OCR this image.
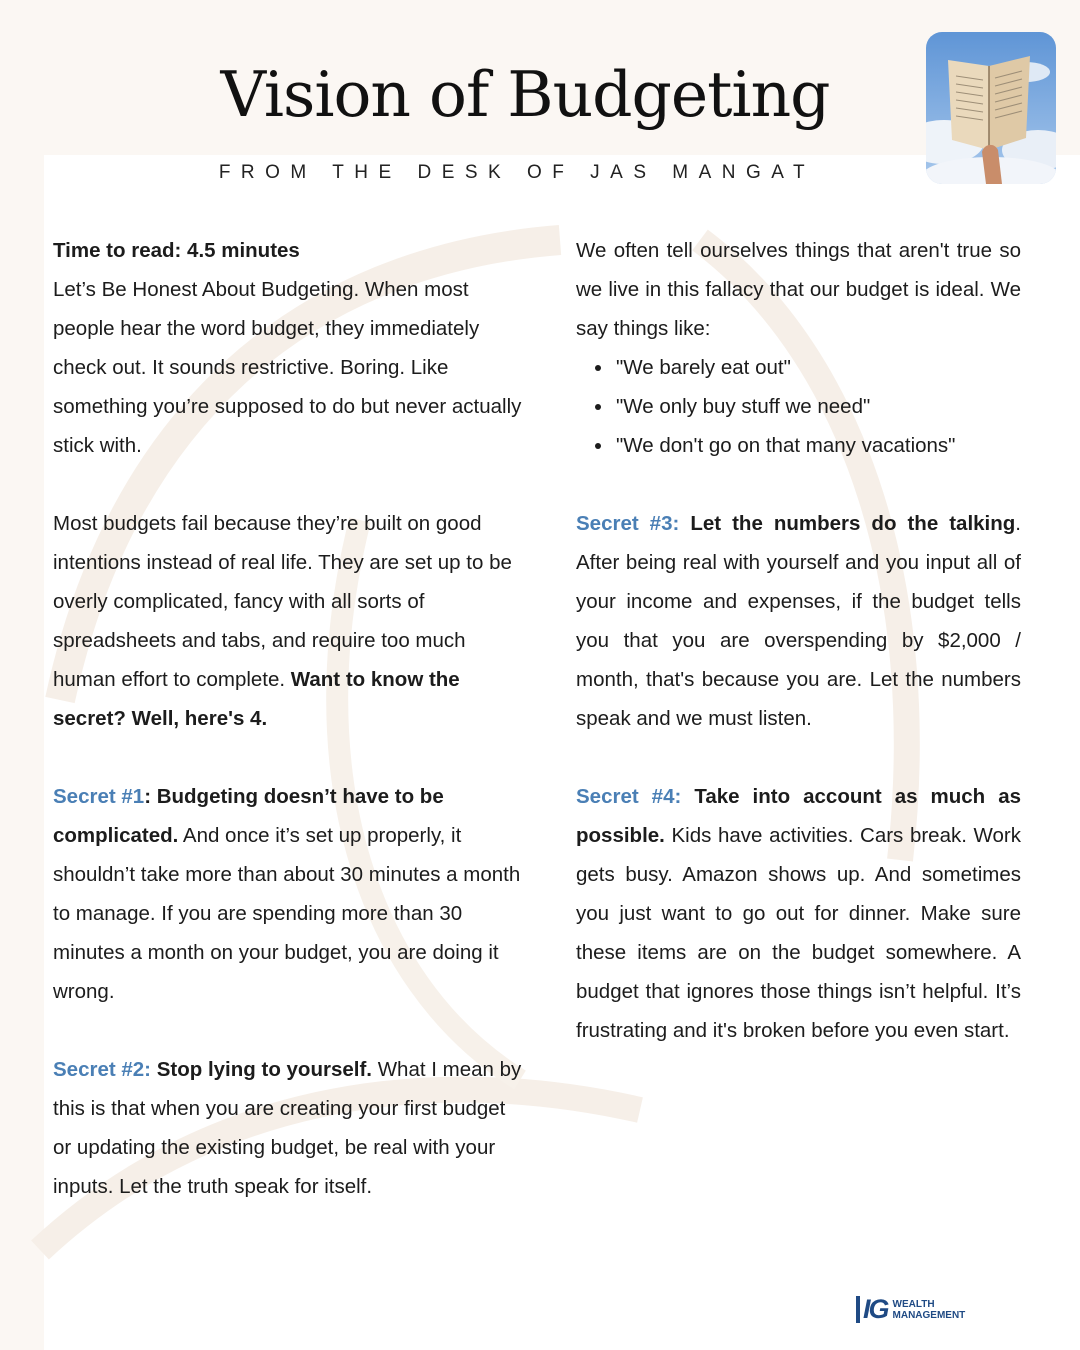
Vision of Budgeting
FROM THE DESK OF JAS MANGAT

Time to read: 4.5 minutes

Let’s Be Honest About Budgeting. When most people hear the word budget, they immediately check out. It sounds restrictive. Boring. Like something you’re supposed to do but never actually stick with.

Most budgets fail because they’re built on good intentions instead of real life. They are set up to be overly complicated, fancy with all sorts of spreadsheets and tabs, and require too much human effort to complete. Want to know the secret? Well, here's 4.

Secret #1: Budgeting doesn’t have to be complicated. And once it’s set up properly, it shouldn’t take more than about 30 minutes a month to manage. If you are spending more than 30 minutes a month on your budget, you are doing it wrong.

Secret #2: Stop lying to yourself. What I mean by this is that when you are creating your first budget or updating the existing budget, be real with your inputs. Let the truth speak for itself.

We often tell ourselves things that aren't true so we live in this fallacy that our budget is ideal. We say things like:

• "We barely eat out"
• "We only buy stuff we need"
• "We don't go on that many vacations"

Secret #3: Let the numbers do the talking. After being real with yourself and you input all of your income and expenses, if the budget tells you that you are overspending by $2,000 / month, that's because you are. Let the numbers speak and we must listen.

Secret #4: Take into account as much as possible. Kids have activities. Cars break. Work gets busy. Amazon shows up. And sometimes you just want to go out for dinner. Make sure these items are on the budget somewhere. A budget that ignores those things isn’t helpful. It’s frustrating and it's broken before you even start.

IG WEALTH
MANAGEMENT
